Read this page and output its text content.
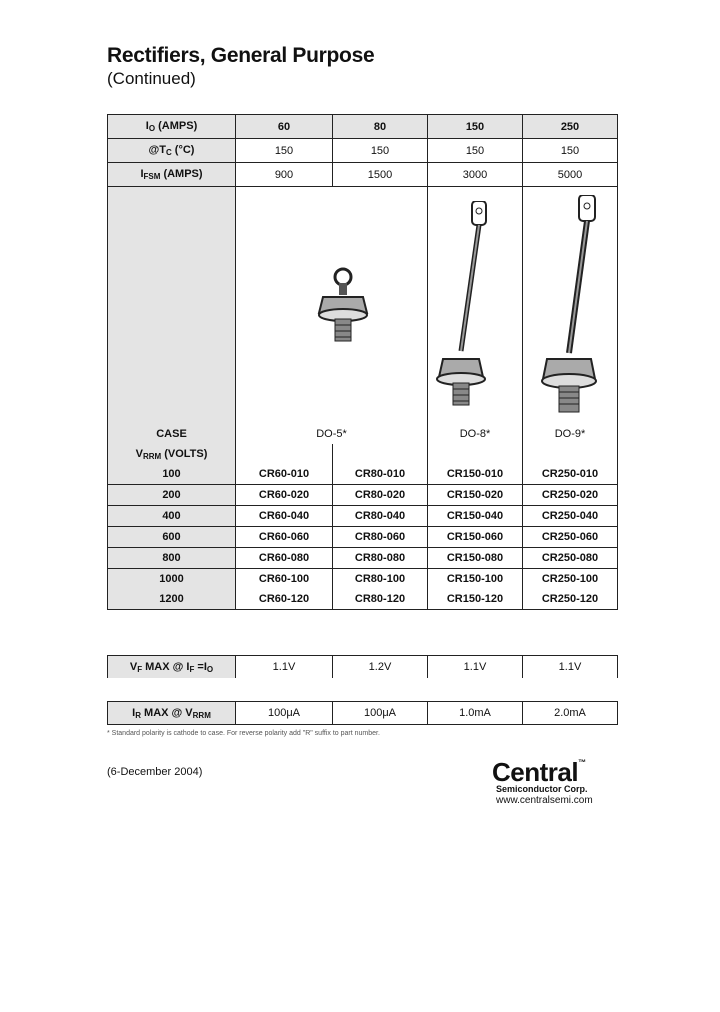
Rectifiers, General Purpose
(Continued)
$I_O$ (AMPS)	60	80	150	250
$@T_C$ (°C)	150	150	150	150
$I_{FSM}$ (AMPS)	900	1500	3000	5000

CASE	DO-5*		DO-8*	DO-9*
$V_{RRM}$ (VOLTS)				
100	CR60-010	CR80-010	CR150-010	CR250-010
200	CR60-020	CR80-020	CR150-020	CR250-020
400	CR60-040	CR80-040	CR150-040	CR250-040
600	CR60-060	CR80-060	CR150-060	CR250-060
800	CR60-080	CR80-080	CR150-080	CR250-080
1000	CR60-100	CR80-100	CR150-100	CR250-100
1200	CR60-120	CR80-120	CR150-120	CR250-120
$V_F$ MAX @ $I_F =I_O$	1.1V	1.2V	1.1V	1.1V
$I_R$ MAX @ $V_{RRM}$	100μA	100μA	1.0mA	2.0mA
* Standard polarity is cathode to case. For reverse polarity add "R" suffix to part number.
(6-December 2004)	Central™
Semiconductor Corp.
www.centralsemi.com
